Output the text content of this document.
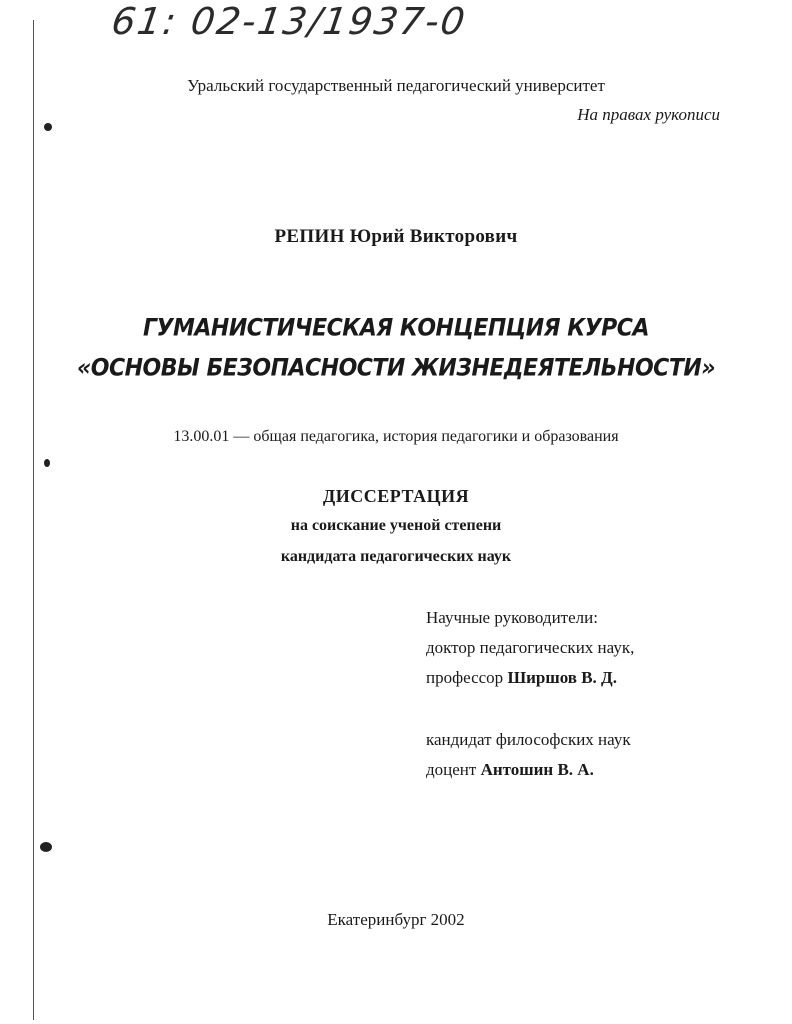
61: 02-13/1937-0
Уральский государственный педагогический университет
На правах рукописи
РЕПИН Юрий Викторович
ГУМАНИСТИЧЕСКАЯ КОНЦЕПЦИЯ КУРСА
«ОСНОВЫ БЕЗОПАСНОСТИ ЖИЗНЕДЕЯТЕЛЬНОСТИ»
13.00.01 — общая педагогика, история педагогики и образования
ДИССЕРТАЦИЯ
на соискание ученой степени
кандидата педагогических наук
Научные руководители:
доктор педагогических наук,
профессор Ширшов В. Д.
кандидат философских наук
доцент Антошин В. А.
Екатеринбург 2002
